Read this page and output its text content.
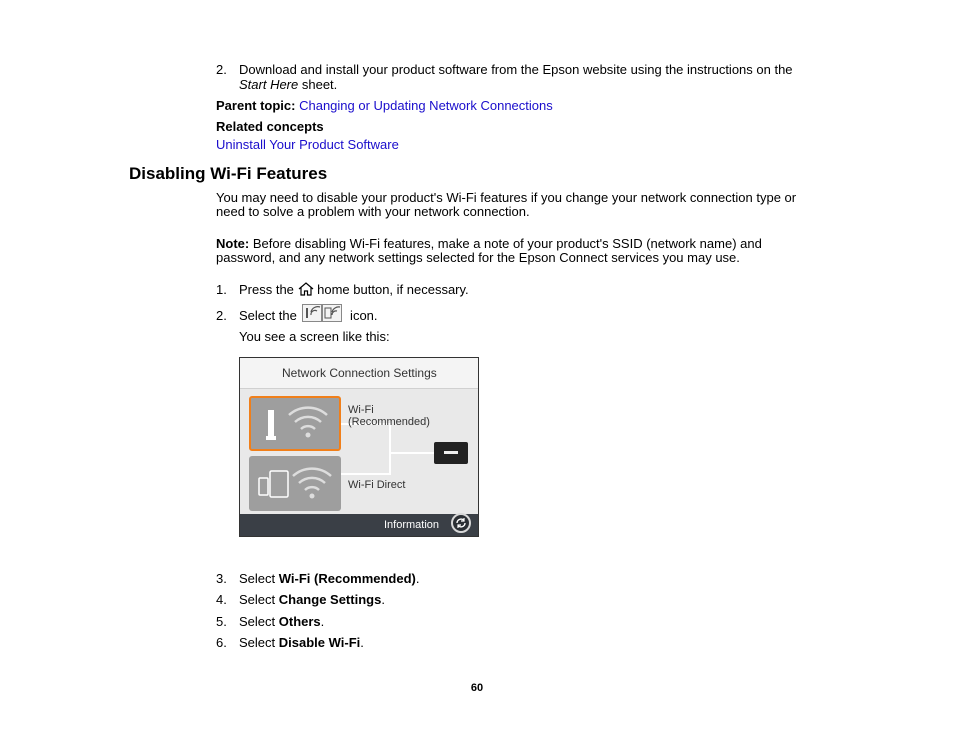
2. Download and install your product software from the Epson website using the instructions on the
Start Here sheet.
Parent topic: Changing or Updating Network Connections
Related concepts
Uninstall Your Product Software
Disabling Wi-Fi Features
You may need to disable your product's Wi-Fi features if you change your network connection type or
need to solve a problem with your network connection.
Note: Before disabling Wi-Fi features, make a note of your product's SSID (network name) and
password, and any network settings selected for the Epson Connect services you may use.
1. Press the  home button, if necessary.
2. Select the	icon.
You see a screen like this:
Network Connection Settings
Wi-Fi
(Recommended)
Wi-Fi Direct
Information
3. Select Wi-Fi (Recommended).
4. Select Change Settings.
5. Select Others.
6. Select Disable Wi-Fi.
60
